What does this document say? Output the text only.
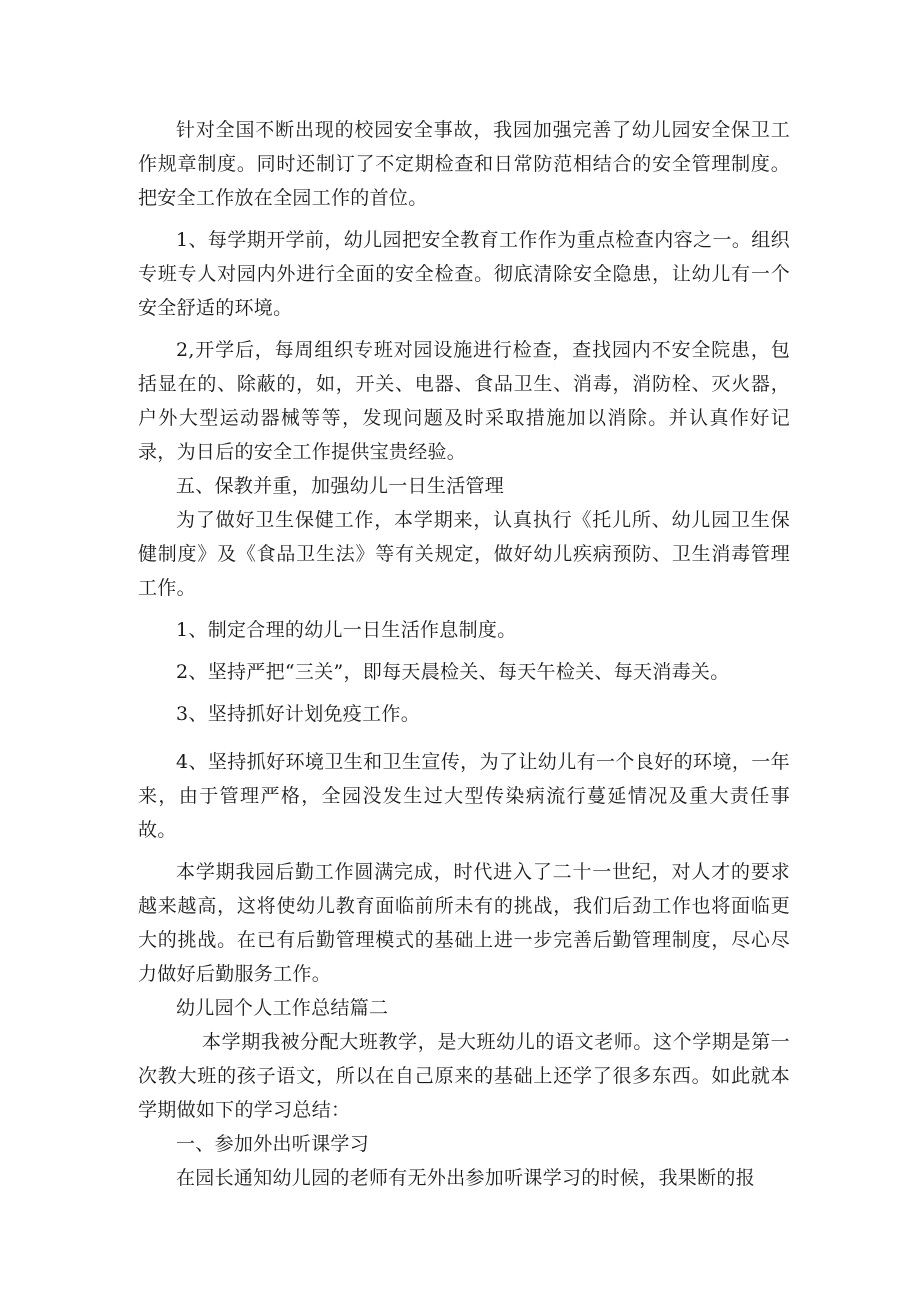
针对全国不断出现的校园安全事故，我园加强完善了幼儿园安全保卫工作规章制度。同时还制订了不定期检查和日常防范相结合的安全管理制度。把安全工作放在全园工作的首位。

1、每学期开学前，幼儿园把安全教育工作作为重点检查内容之一。组织专班专人对园内外进行全面的安全检查。彻底清除安全隐患，让幼儿有一个安全舒适的环境。

2,开学后，每周组织专班对园设施进行检查，查找园内不安全院患，包括显在的、除蔽的，如，开关、电器、食品卫生、消毒，消防栓、灭火器，户外大型运动器械等等，发现问题及时采取措施加以消除。并认真作好记录，为日后的安全工作提供宝贵经验。

五、保教并重，加强幼儿一日生活管理

为了做好卫生保健工作，本学期来，认真执行《托儿所、幼儿园卫生保健制度》及《食品卫生法》等有关规定，做好幼儿疾病预防、卫生消毒管理工作。

1、制定合理的幼儿一日生活作息制度。

2、坚持严把“三关”，即每天晨检关、每天午检关、每天消毒关。

3、坚持抓好计划免疫工作。

4、坚持抓好环境卫生和卫生宣传，为了让幼儿有一个良好的环境，一年来，由于管理严格，全园没发生过大型传染病流行蔓延情况及重大责任事故。

本学期我园后勤工作圆满完成，时代进入了二十一世纪，对人才的要求越来越高，这将使幼儿教育面临前所未有的挑战，我们后劲工作也将面临更大的挑战。在已有后勤管理模式的基础上进一步完善后勤管理制度，尽心尽力做好后勤服务工作。

幼儿园个人工作总结篇二

本学期我被分配大班教学，是大班幼儿的语文老师。这个学期是第一次教大班的孩子语文，所以在自己原来的基础上还学了很多东西。如此就本学期做如下的学习总结：

一、参加外出听课学习

在园长通知幼儿园的老师有无外出参加听课学习的时候，我果断的报
